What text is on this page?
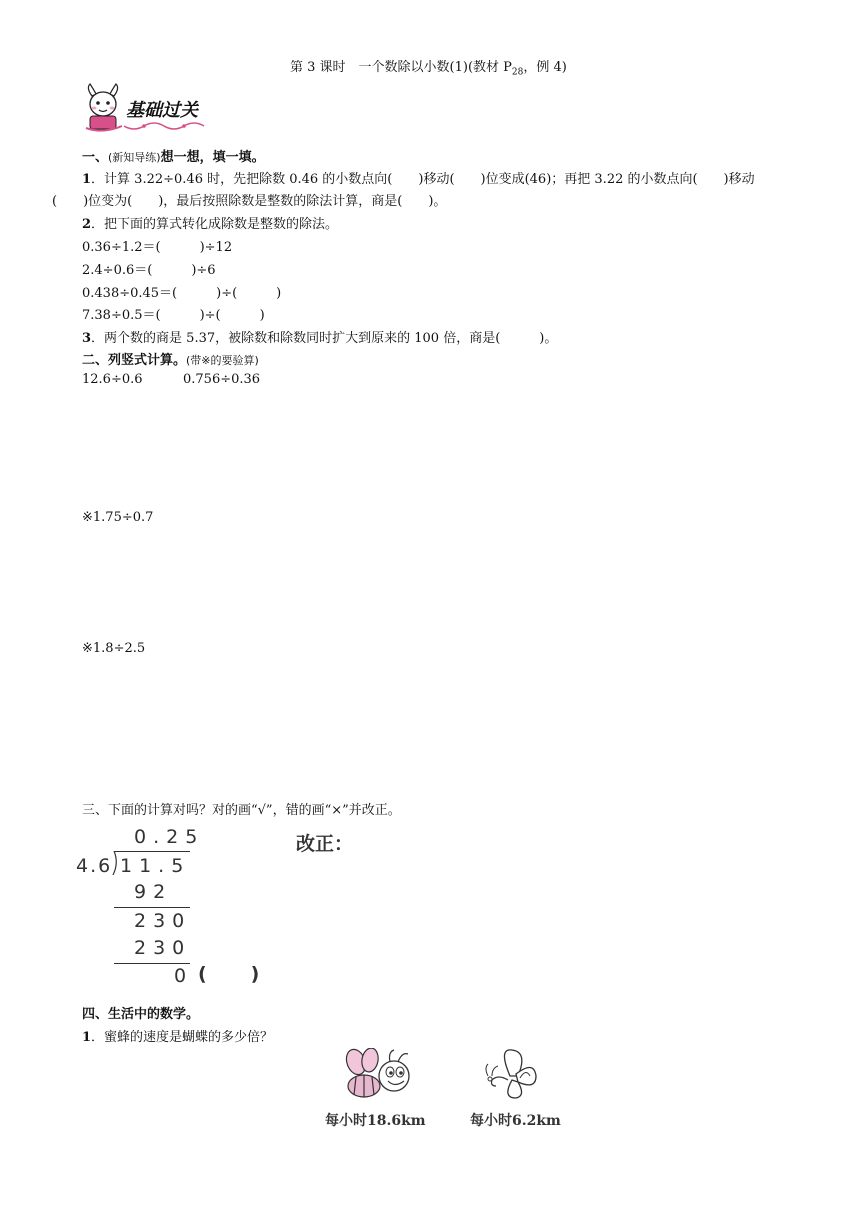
第 3 课时　一个数除以小数(1)(教材 $P_{28}$，例 4)
基础过关
一、(新知导练)想一想，填一填。
1．计算 3.22÷0.46 时，先把除数 0.46 的小数点向(　　)移动(　　)位变成(46)；再把 3.22 的小数点向(　　)移动
(　　)位变为(　　)，最后按照除数是整数的除法计算，商是(　　)。
2．把下面的算式转化成除数是整数的除法。
0.36÷1.2＝(　　　)÷12
2.4÷0.6＝(　　　)÷6
0.438÷0.45＝(　　　)÷(　　　)
7.38÷0.5＝(　　　)÷(　　　)
3．两个数的商是 5.37，被除数和除数同时扩大到原来的 100 倍，商是(　　　)。
二、列竖式计算。(带※的要验算)
12.6÷0.6	0.756÷0.36
※1.75÷0.7
※1.8÷2.5
三、下面的计算对吗？对的画“√”，错的画“×”并改正。
0.25
4.6 11.5
92
230
230
0 (　　)
改正：
四、生活中的数学。
1．蜜蜂的速度是蝴蝶的多少倍？
每小时18.6km	每小时6.2km
